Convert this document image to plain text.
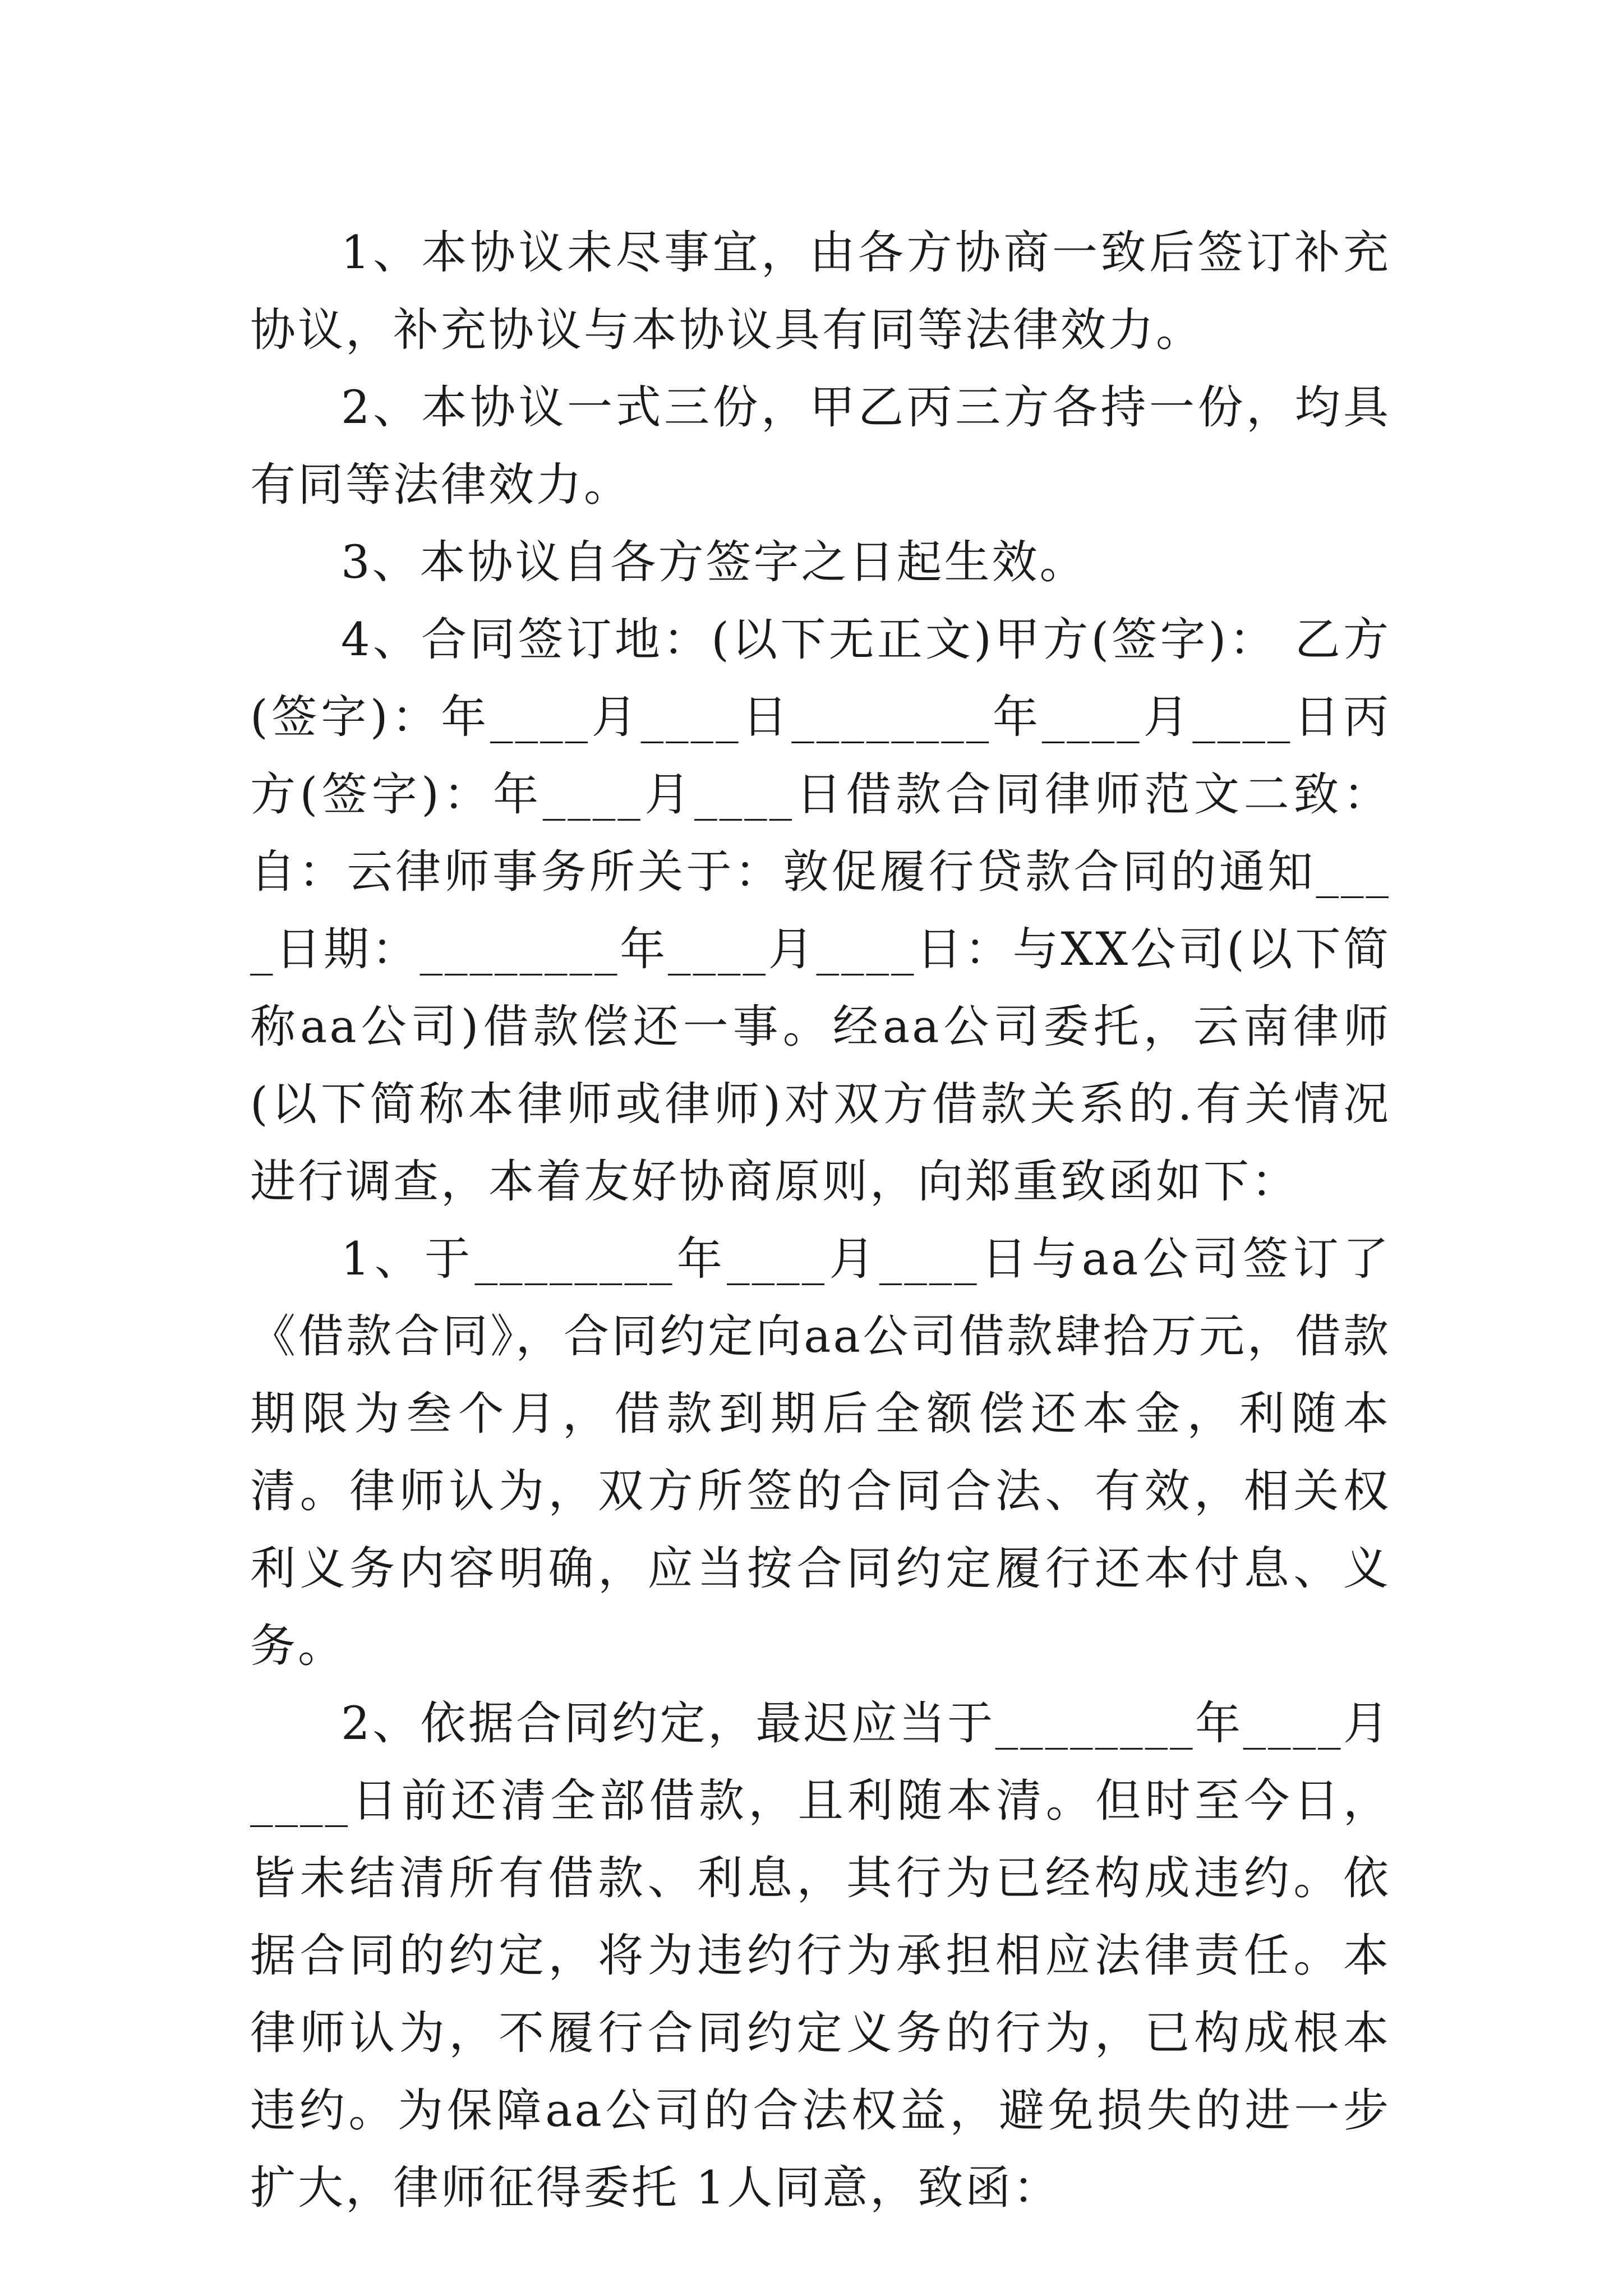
1、本协议未尽事宜，由各方协商一致后签订补充协议，补充协议与本协议具有同等法律效力。

2、本协议一式三份，甲乙丙三方各持一份，均具有同等法律效力。

3、本协议自各方签字之日起生效。

4、合同签订地：(以下无正文)甲方(签字)： 乙方(签字)：年____月____日________年____月____日丙方(签字)：年____月____日借款合同律师范文二致：自：云律师事务所关于：敦促履行贷款合同的通知____日期：________年____月____日：与XX公司(以下简称aa公司)借款偿还一事。经aa公司委托，云南律师(以下简称本律师或律师)对双方借款关系的.有关情况进行调查，本着友好协商原则，向郑重致函如下：

1、于________年____月____日与aa公司签订了《借款合同》，合同约定向aa公司借款肆拾万元，借款期限为叁个月，借款到期后全额偿还本金，利随本清。律师认为，双方所签的合同合法、有效，相关权利义务内容明确，应当按合同约定履行还本付息、义务。

2、依据合同约定，最迟应当于________年____月____日前还清全部借款，且利随本清。但时至今日，皆未结清所有借款、利息，其行为已经构成违约。依据合同的约定，将为违约行为承担相应法律责任。本律师认为，不履行合同约定义务的行为，已构成根本违约。为保障aa公司的合法权益，避免损失的进一步扩大，律师征得委托 1人同意，致函：
